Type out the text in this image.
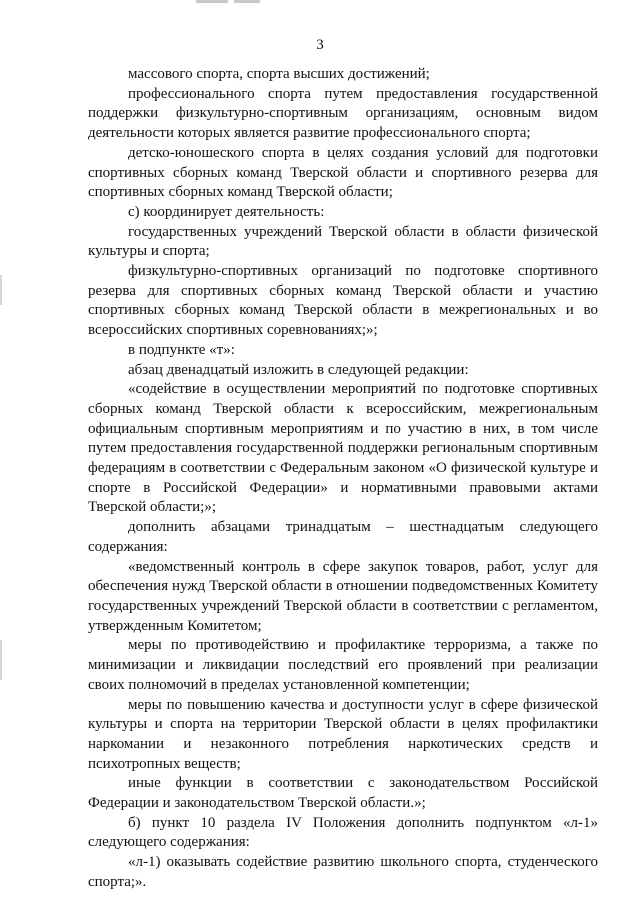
3

массового спорта, спорта высших достижений;

профессионального спорта путем предоставления государственной поддержки физкультурно-спортивным организациям, основным видом деятельности которых является развитие профессионального спорта;

детско-юношеского спорта в целях создания условий для подготовки спортивных сборных команд Тверской области и спортивного резерва для спортивных сборных команд Тверской области;

с) координирует деятельность:

государственных учреждений Тверской области в области физической культуры и спорта;

физкультурно-спортивных организаций по подготовке спортивного резерва для спортивных сборных команд Тверской области и участию спортивных сборных команд Тверской области в межрегиональных и во всероссийских спортивных соревнованиях;»;

в подпункте «т»:

абзац двенадцатый изложить в следующей редакции:

«содействие в осуществлении мероприятий по подготовке спортивных сборных команд Тверской области к всероссийским, межрегиональным официальным спортивным мероприятиям и по участию в них, в том числе путем предоставления государственной поддержки региональным спортивным федерациям в соответствии с Федеральным законом «О физической культуре и спорте в Российской Федерации» и нормативными правовыми актами Тверской области;»;

дополнить абзацами тринадцатым – шестнадцатым следующего содержания:

«ведомственный контроль в сфере закупок товаров, работ, услуг для обеспечения нужд Тверской области в отношении подведомственных Комитету государственных учреждений Тверской области в соответствии с регламентом, утвержденным Комитетом;

меры по противодействию и профилактике терроризма, а также по минимизации и ликвидации последствий его проявлений при реализации своих полномочий в пределах установленной компетенции;

меры по повышению качества и доступности услуг в сфере физической культуры и спорта на территории Тверской области в целях профилактики наркомании и незаконного потребления наркотических средств и психотропных веществ;

иные функции в соответствии с законодательством Российской Федерации и законодательством Тверской области.»;

б) пункт 10 раздела IV Положения дополнить подпунктом «л-1» следующего содержания:

«л-1) оказывать содействие развитию школьного спорта, студенческого спорта;».
